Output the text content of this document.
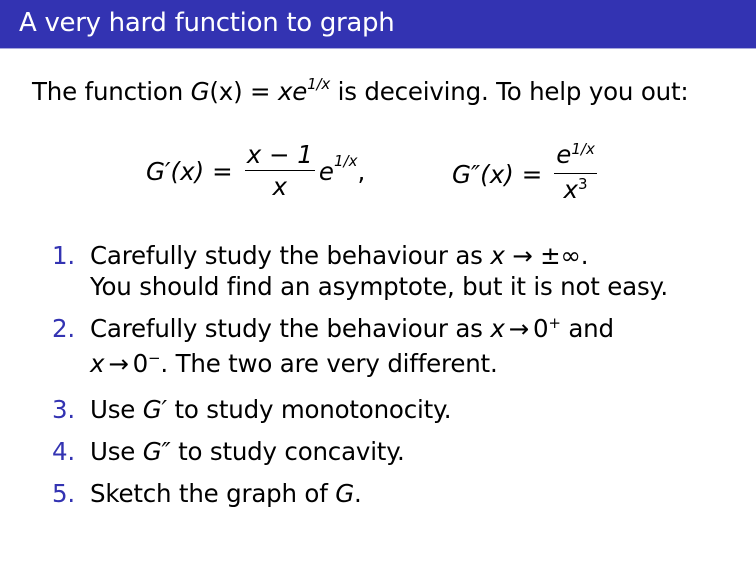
A very hard function to graph
The function $G(x) = xe^{1/x}$ is deceiving. To help you out:
$G'(x) = \frac{x - 1}{x}$ e 1/x ,	$G''(x) = \frac{e^{1/x}}{x^3}$
1. Carefully study the behaviour as x → ±∞.
You should find an asymptote, but it is not easy.
2. Carefully study the behaviour as x → 0+ and
x → 0−. The two are very different.
3. Use G′ to study monotonocity.
4. Use G″ to study concavity.
5. Sketch the graph of G.
